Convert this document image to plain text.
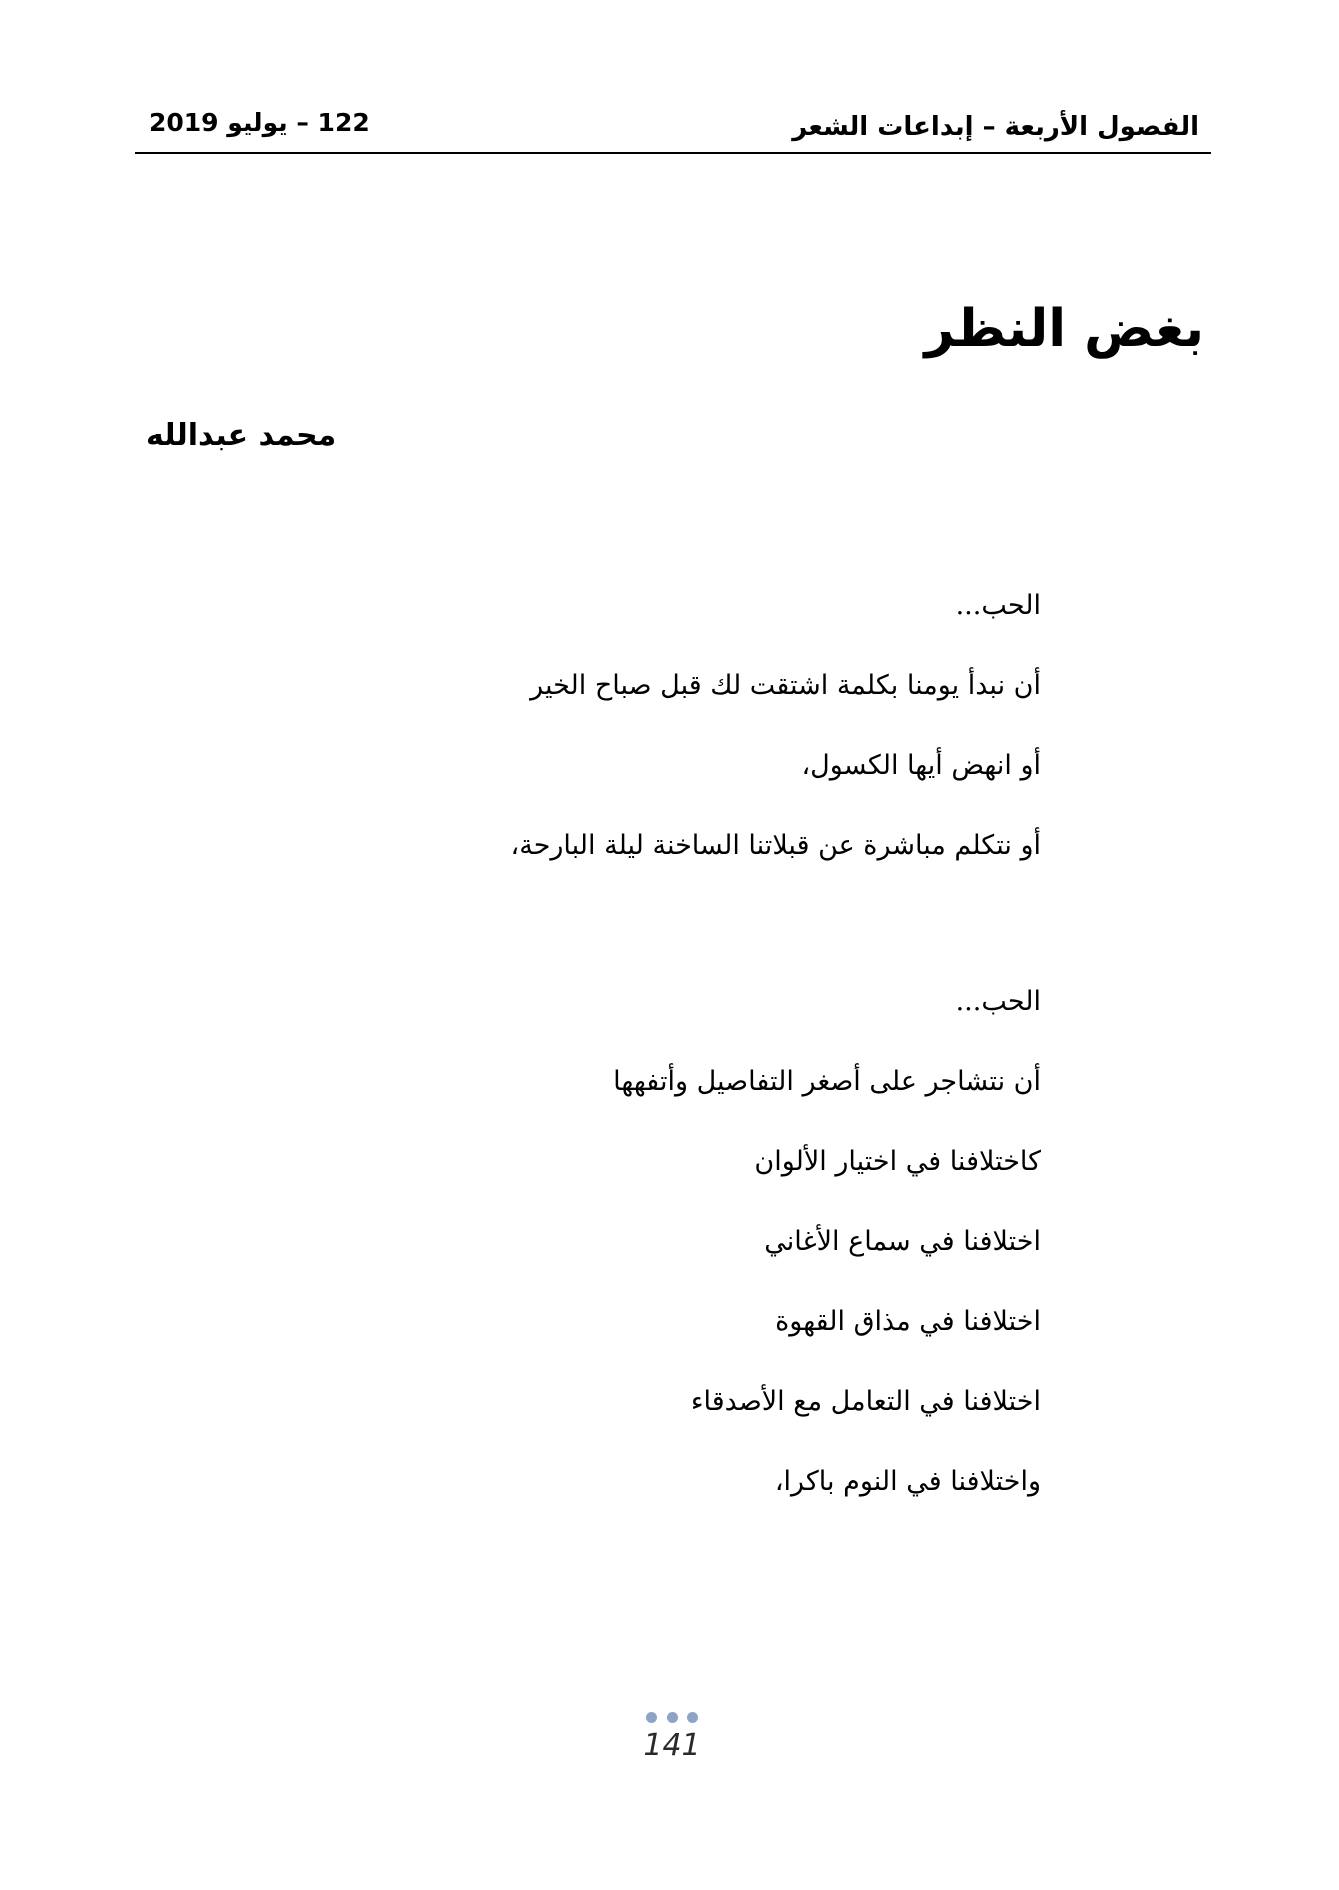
الفصول الأربعة – إبداعات الشعر
122 – يوليو 2019
بغض النظر
محمد عبدالله
الحب...
أن نبدأ يومنا بكلمة اشتقت لك قبل صباح الخير
أو انهض أيها الكسول،
أو نتكلم مباشرة عن قبلاتنا الساخنة ليلة البارحة،
الحب...
أن نتشاجر على أصغر التفاصيل وأتفهها
كاختلافنا في اختيار الألوان
اختلافنا في سماع الأغاني
اختلافنا في مذاق القهوة
اختلافنا في التعامل مع الأصدقاء
واختلافنا في النوم باكرا،
141
